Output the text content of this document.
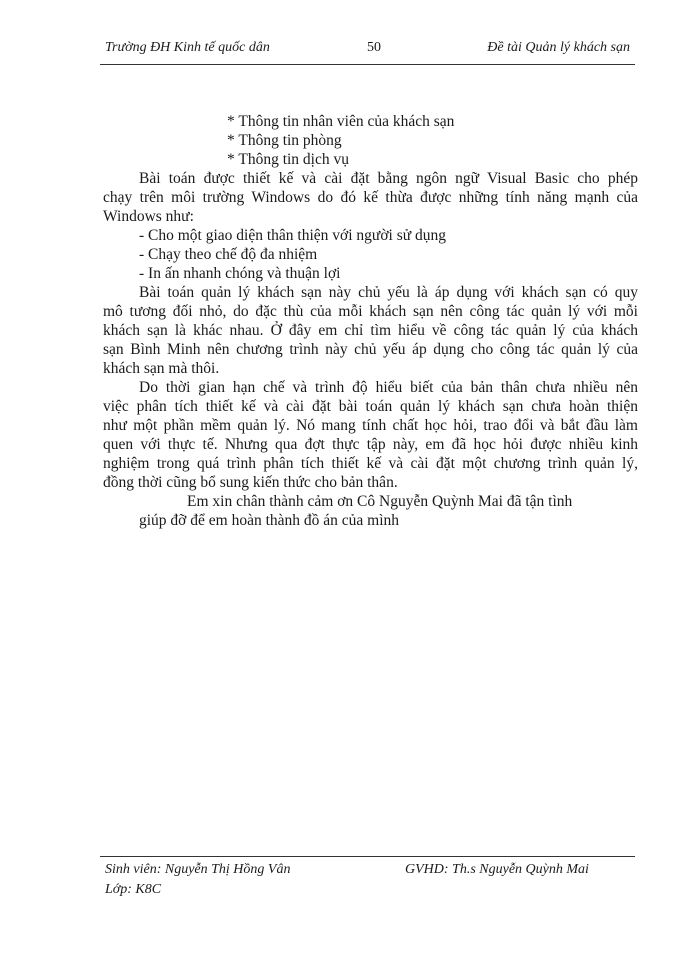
Trường ĐH Kinh tế quốc dân	50	Đề tài Quản lý khách sạn
* Thông tin nhân viên của khách sạn
* Thông tin phòng
* Thông tin dịch vụ
Bài toán được thiết kế và cài đặt bằng ngôn ngữ Visual Basic cho phép
chạy trên môi trường Windows do đó kế thừa được những tính năng mạnh của
Windows như:
- Cho một giao diện thân thiện với người sử dụng
- Chạy theo chế độ đa nhiệm
- In ấn nhanh chóng và thuận lợi
Bài toán quản lý khách sạn này chủ yếu là áp dụng với khách sạn có quy
mô tương đối nhỏ, do đặc thù của mỗi khách sạn nên công tác quản lý với mỗi
khách sạn là khác nhau. Ở đây em chỉ tìm hiểu về công tác quản lý của khách
sạn Bình Minh nên chương trình này chủ yếu áp dụng cho công tác quản lý của
khách sạn mà thôi.
Do thời gian hạn chế và trình độ hiểu biết của bản thân chưa nhiều nên
việc phân tích thiết kế và cài đặt bài toán quản lý khách sạn chưa hoàn thiện
như một phần mềm quản lý. Nó mang tính chất học hỏi, trao đổi và bắt đầu làm
quen với thực tế. Nhưng qua đợt thực tập này, em đã học hỏi được nhiều kinh
nghiệm trong quá trình phân tích thiết kế và cài đặt một chương trình quản lý,
đồng thời cũng bổ sung kiến thức cho bản thân.
Em xin chân thành cảm ơn Cô Nguyễn Quỳnh Mai đã tận tình
giúp đỡ để em hoàn thành đồ án của mình
Sinh viên: Nguyễn Thị Hồng Vân
Lớp: K8C
GVHD: Th.s Nguyễn Quỳnh Mai
